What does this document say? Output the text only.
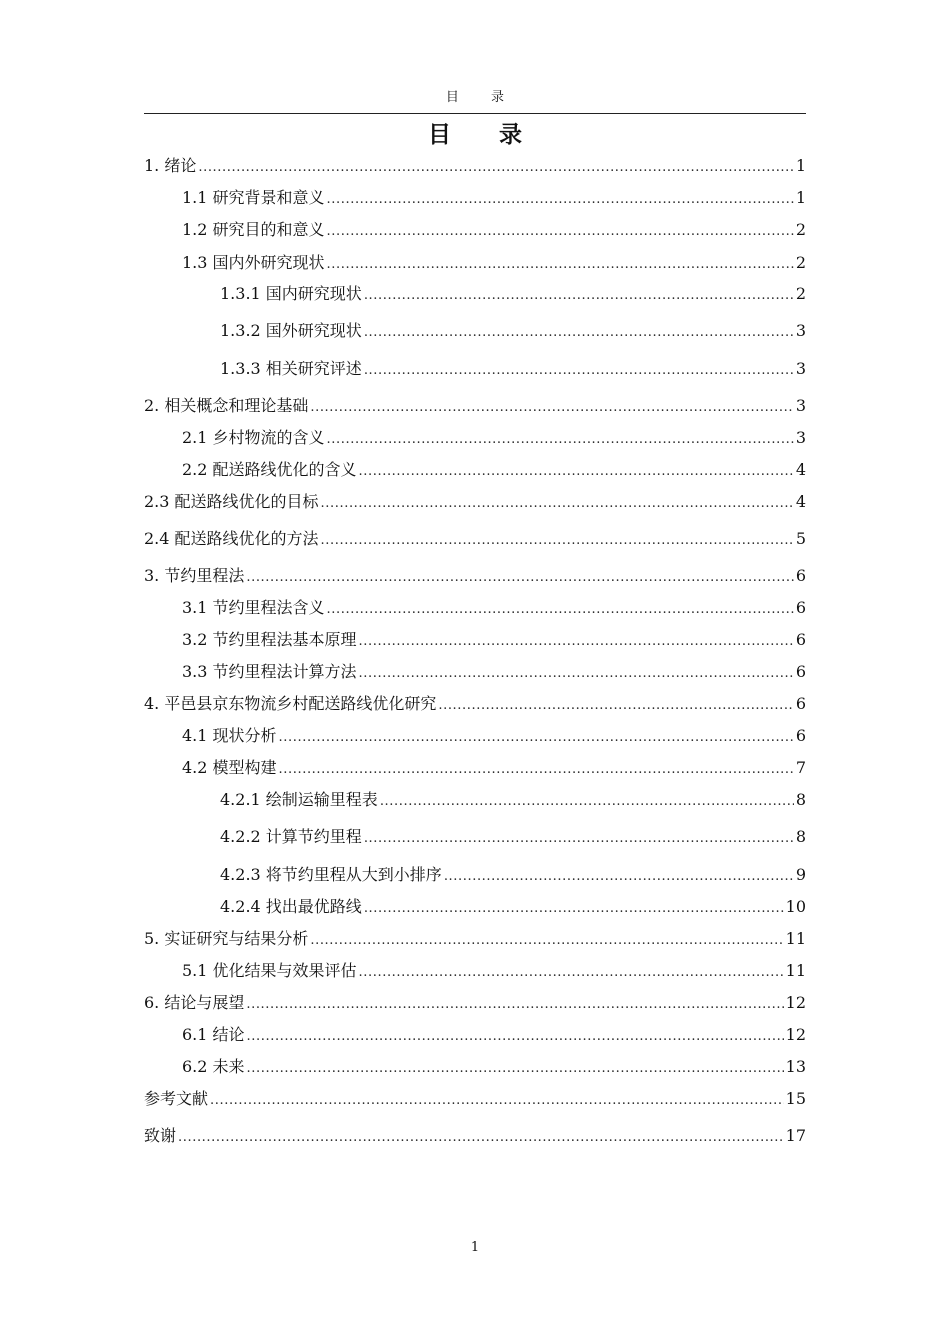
目 录
目 录
1. 绪论 .....	1
1.1 研究背景和意义 .....	1
1.2 研究目的和意义 .....	2
1.3 国内外研究现状 .....	2
1.3.1 国内研究现状 .....	2
1.3.2 国外研究现状 .....	3
1.3.3 相关研究评述 .....	3
2. 相关概念和理论基础 .....	3
2.1 乡村物流的含义 .....	3
2.2 配送路线优化的含义 .....	4
2.3 配送路线优化的目标 .....	4
2.4 配送路线优化的方法 .....	5
3. 节约里程法 .....	6
3.1 节约里程法含义 .....	6
3.2 节约里程法基本原理 .....	6
3.3 节约里程法计算方法 .....	6
4. 平邑县京东物流乡村配送路线优化研究 .....	6
4.1 现状分析 .....	6
4.2 模型构建 .....	7
4.2.1 绘制运输里程表 .....	8
4.2.2 计算节约里程 .....	8
4.2.3 将节约里程从大到小排序 .....	9
4.2.4 找出最优路线 .....	10
5. 实证研究与结果分析 .....	11
5.1 优化结果与效果评估 .....	11
6. 结论与展望 .....	12
6.1 结论 .....	12
6.2 未来 .....	13
参考文献 .....	15
致谢 .....	17
1
